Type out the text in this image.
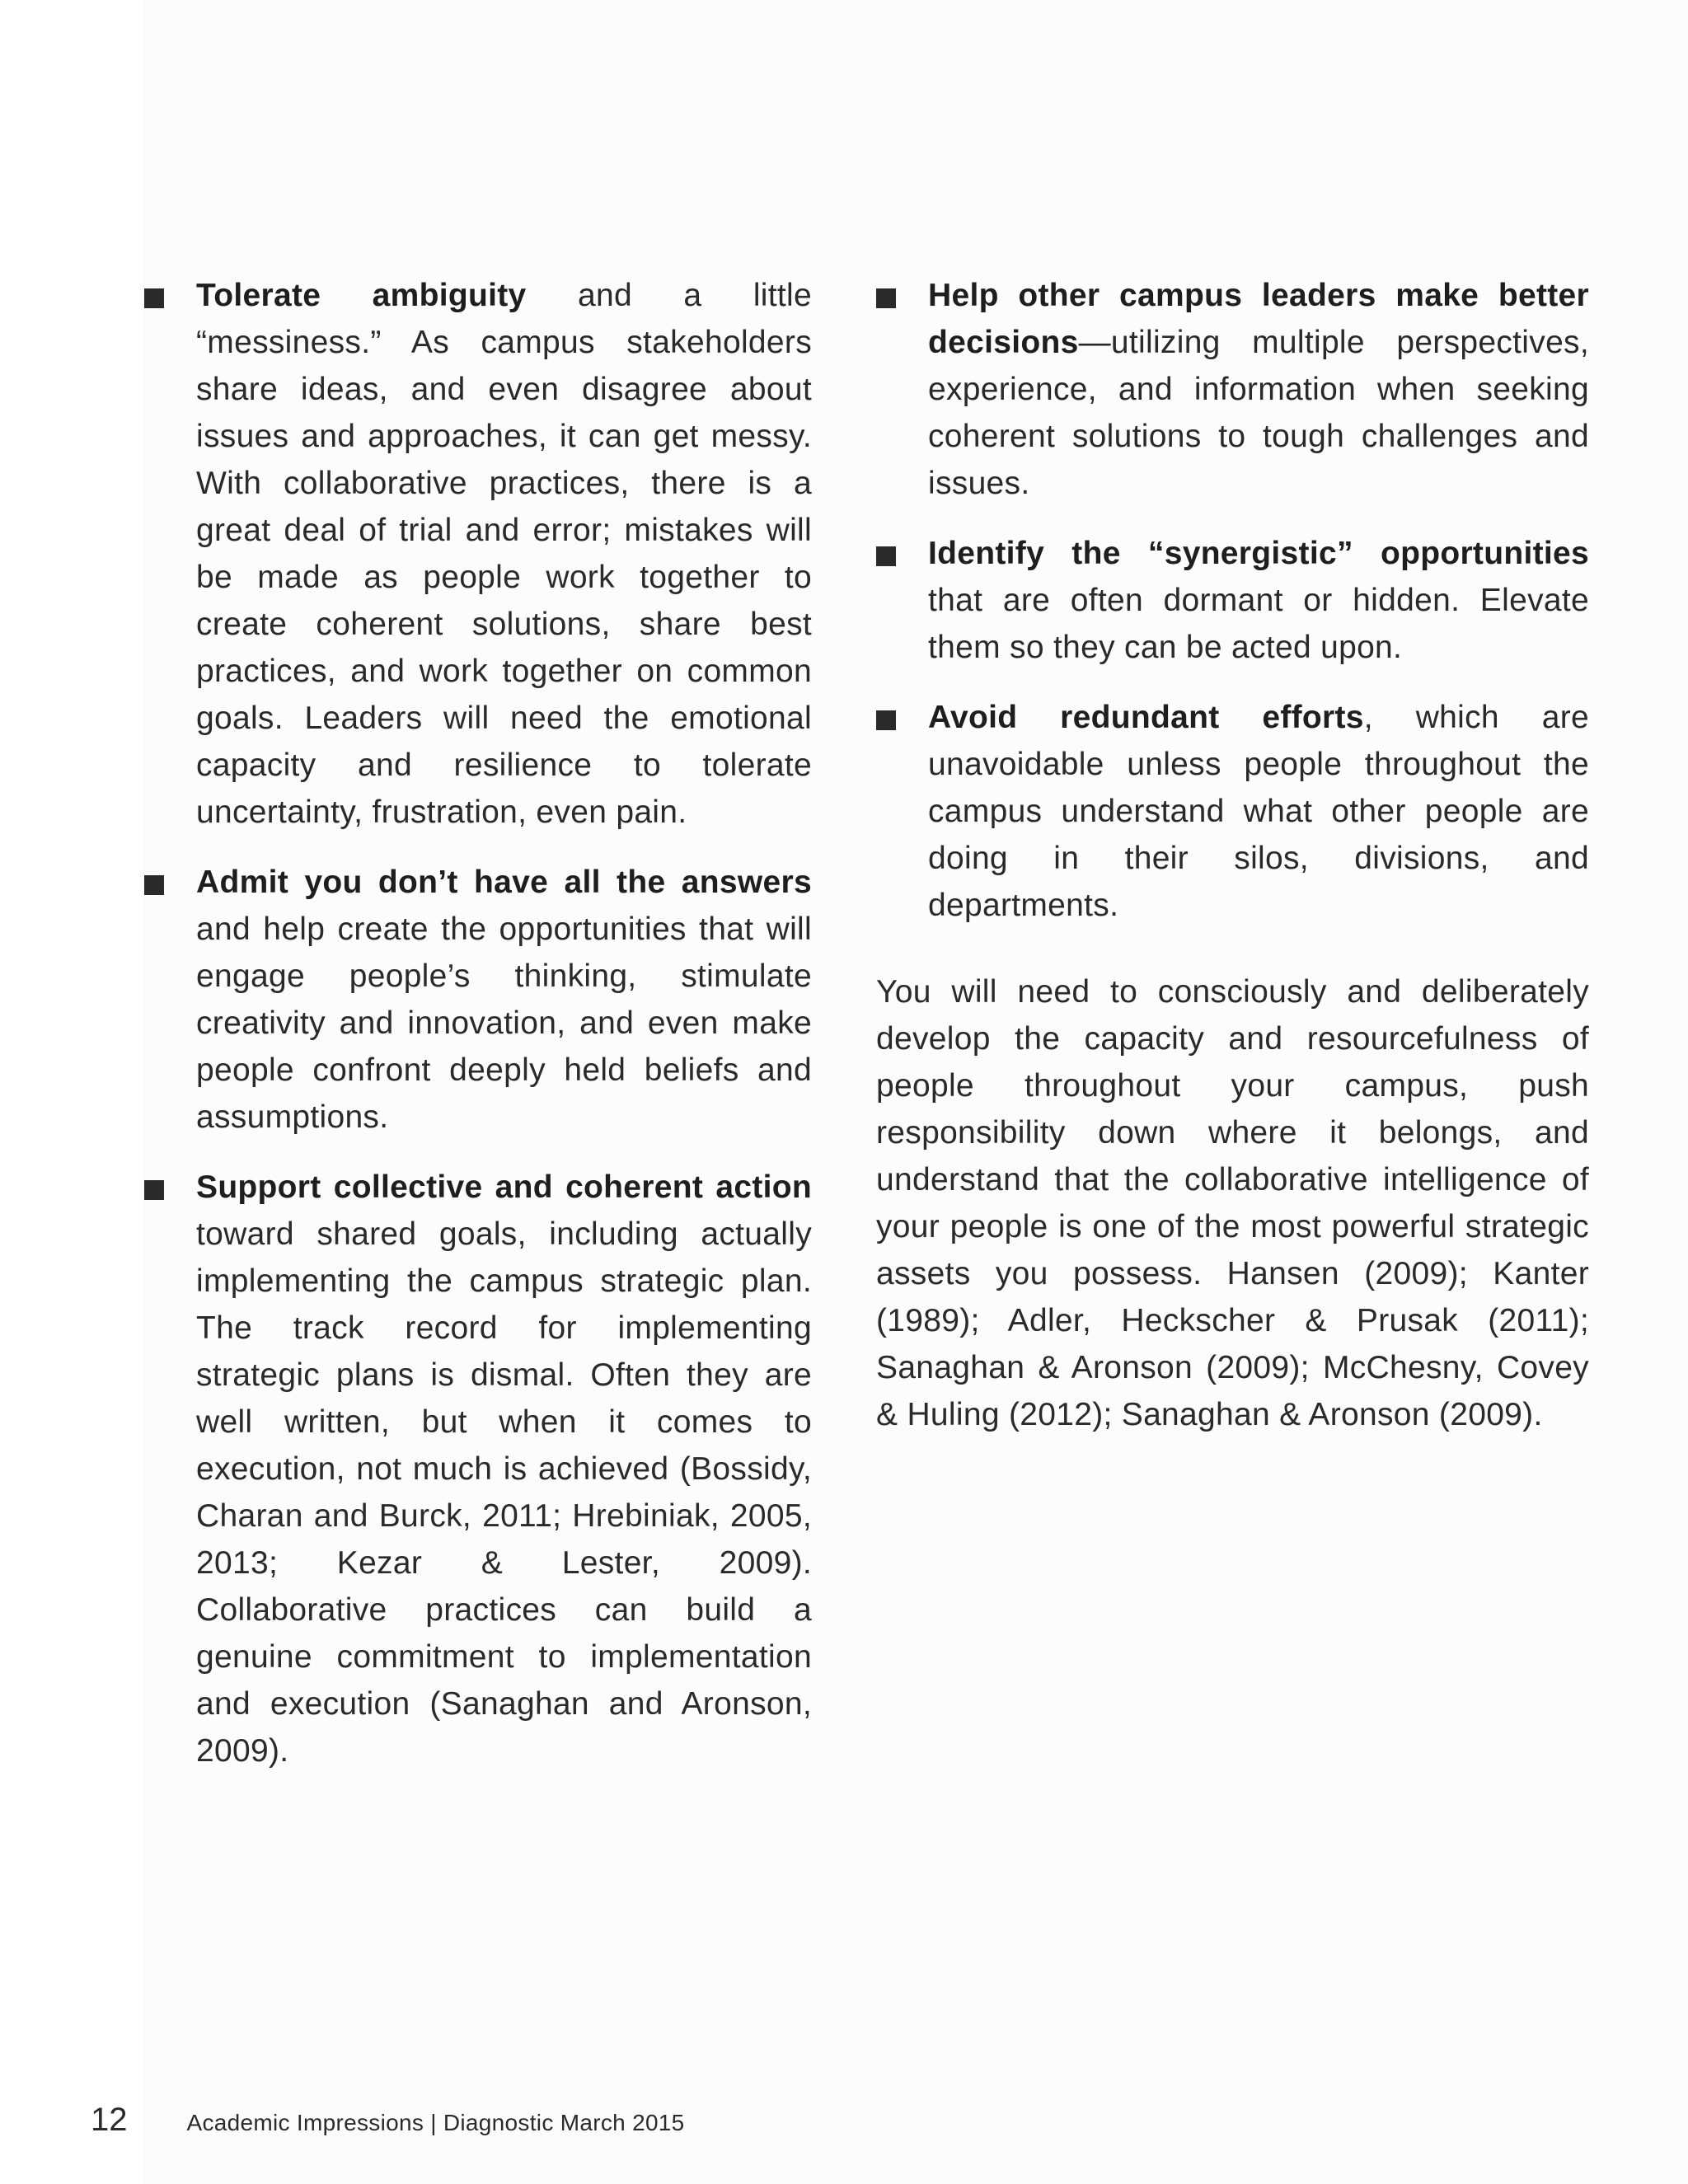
Tolerate ambiguity and a little “messiness.” As campus stakeholders share ideas, and even disagree about issues and approaches, it can get messy. With collaborative practices, there is a great deal of trial and error; mistakes will be made as people work together to create coherent solutions, share best practices, and work together on common goals. Leaders will need the emotional capacity and resilience to tolerate uncertainty, frustration, even pain.
Admit you don’t have all the answers and help create the opportunities that will engage people’s thinking, stimulate creativity and innovation, and even make people confront deeply held beliefs and assumptions.
Support collective and coherent action toward shared goals, including actually implementing the campus strategic plan. The track record for implementing strategic plans is dismal. Often they are well written, but when it comes to execution, not much is achieved (Bossidy, Charan and Burck, 2011; Hrebiniak, 2005, 2013; Kezar & Lester, 2009). Collaborative practices can build a genuine commitment to implementation and execution (Sanaghan and Aronson, 2009).
Help other campus leaders make better decisions—utilizing multiple perspectives, experience, and information when seeking coherent solutions to tough challenges and issues.
Identify the “synergistic” opportunities that are often dormant or hidden. Elevate them so they can be acted upon.
Avoid redundant efforts, which are unavoidable unless people throughout the campus understand what other people are doing in their silos, divisions, and departments.

You will need to consciously and deliberately develop the capacity and resourcefulness of people throughout your campus, push responsibility down where it belongs, and understand that the collaborative intelligence of your people is one of the most powerful strategic assets you possess. Hansen (2009); Kanter (1989); Adler, Heckscher & Prusak (2011); Sanaghan & Aronson (2009); McChesny, Covey & Huling (2012); Sanaghan & Aronson (2009).

12	Academic Impressions | Diagnostic March 2015
